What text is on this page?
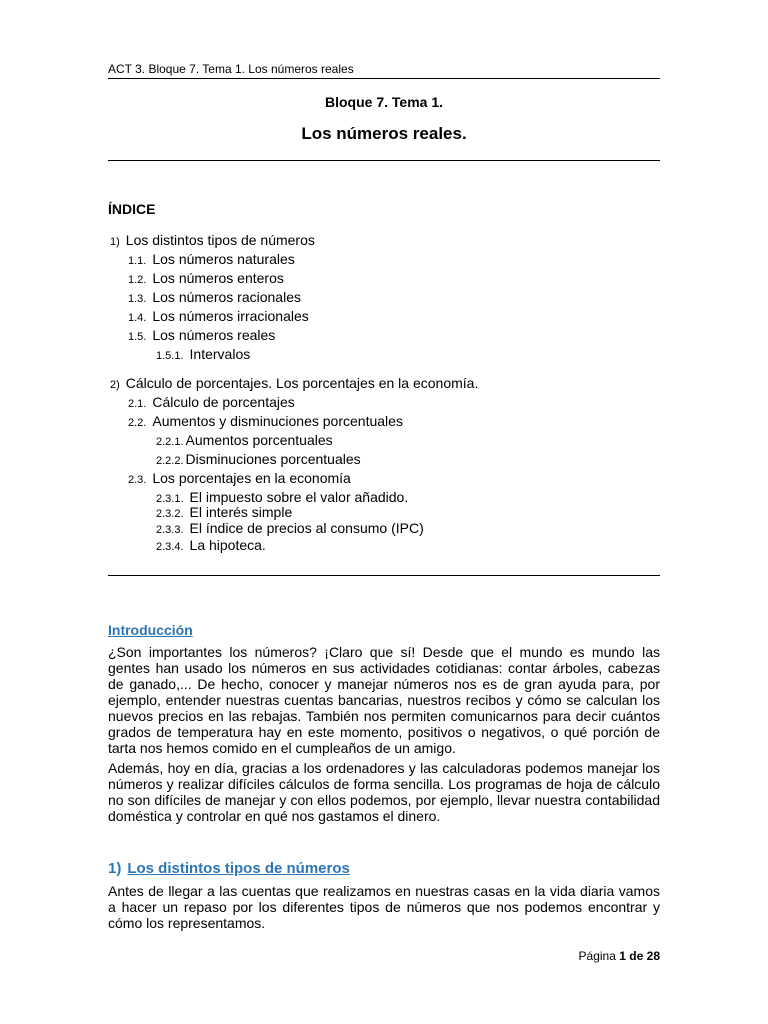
ACT 3. Bloque 7. Tema 1. Los números reales
Bloque 7. Tema 1.
Los números reales.
ÍNDICE
1) Los distintos tipos de números
1.1. Los números naturales
1.2. Los números enteros
1.3. Los números racionales
1.4. Los números irracionales
1.5. Los números reales
1.5.1. Intervalos
2) Cálculo de porcentajes. Los porcentajes en la economía.
2.1. Cálculo de porcentajes
2.2. Aumentos y disminuciones porcentuales
2.2.1. Aumentos porcentuales
2.2.2. Disminuciones porcentuales
2.3. Los porcentajes en la economía
2.3.1. El impuesto sobre el valor añadido.
2.3.2. El interés simple
2.3.3. El índice de precios al consumo (IPC)
2.3.4. La hipoteca.
Introducción

¿Son importantes los números? ¡Claro que sí! Desde que el mundo es mundo las gentes han usado los números en sus actividades cotidianas: contar árboles, cabezas de ganado,... De hecho, conocer y manejar números nos es de gran ayuda para, por ejemplo, entender nuestras cuentas bancarias, nuestros recibos y cómo se calculan los nuevos precios en las rebajas. También nos permiten comunicarnos para decir cuántos grados de temperatura hay en este momento, positivos o negativos, o qué porción de tarta nos hemos comido en el cumpleaños de un amigo.

Además, hoy en día, gracias a los ordenadores y las calculadoras podemos manejar los números y realizar difíciles cálculos de forma sencilla. Los programas de hoja de cálculo no son difíciles de manejar y con ellos podemos, por ejemplo, llevar nuestra contabilidad doméstica y controlar en qué nos gastamos el dinero.

1) Los distintos tipos de números

Antes de llegar a las cuentas que realizamos en nuestras casas en la vida diaria vamos a hacer un repaso por los diferentes tipos de números que nos podemos encontrar y cómo los representamos.

Página 1 de 28
